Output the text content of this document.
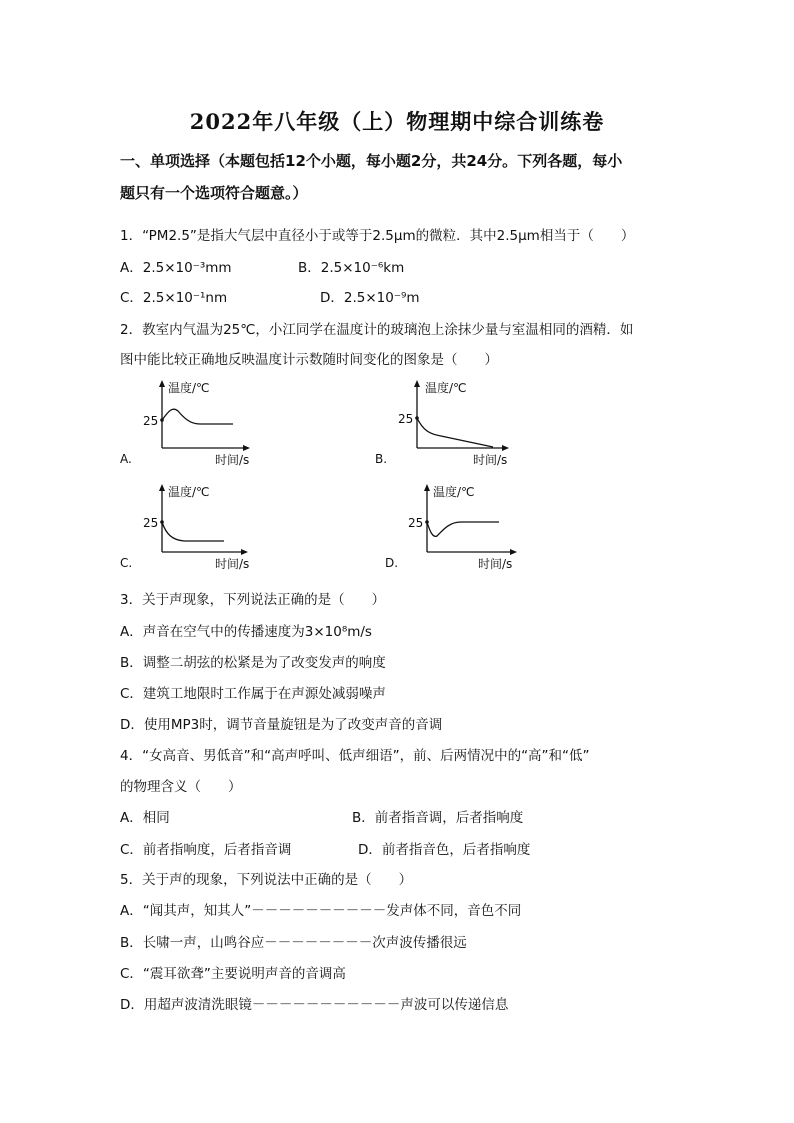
2022年八年级（上）物理期中综合训练卷
一、单项选择（本题包括12个小题，每小题2分，共24分。下列各题，每小
题只有一个选项符合题意。）
1．“PM2.5”是指大气层中直径小于或等于2.5μm的微粒．其中2.5μm相当于（　　）
A．2.5×10⁻³mm	B．2.5×10⁻⁶km
C．2.5×10⁻¹nm	D．2.5×10⁻⁹m
2．教室内气温为25℃，小江同学在温度计的玻璃泡上涂抹少量与室温相同的酒精．如
图中能比较正确地反映温度计示数随时间变化的图象是（　　）
A.
温度/℃
时间/s
25
B.
温度/℃
时间/s
25
C.
温度/℃
时间/s
25
D.
温度/℃
时间/s
25
3．关于声现象，下列说法正确的是（　　）
A．声音在空气中的传播速度为3×10⁸m/s
B．调整二胡弦的松紧是为了改变发声的响度
C．建筑工地限时工作属于在声源处减弱噪声
D．使用MP3时，调节音量旋钮是为了改变声音的音调
4．“女高音、男低音”和“高声呼叫、低声细语”，前、后两情况中的“高”和“低”
的物理含义（　　）
A．相同	B．前者指音调，后者指响度
C．前者指响度，后者指音调	D．前者指音色，后者指响度
5．关于声的现象，下列说法中正确的是（　　）
A．“闻其声，知其人”－－－－－－－－－－发声体不同，音色不同
B．长啸一声，山鸣谷应－－－－－－－－次声波传播很远
C．“震耳欲聋”主要说明声音的音调高
D．用超声波清洗眼镜－－－－－－－－－－－声波可以传递信息
